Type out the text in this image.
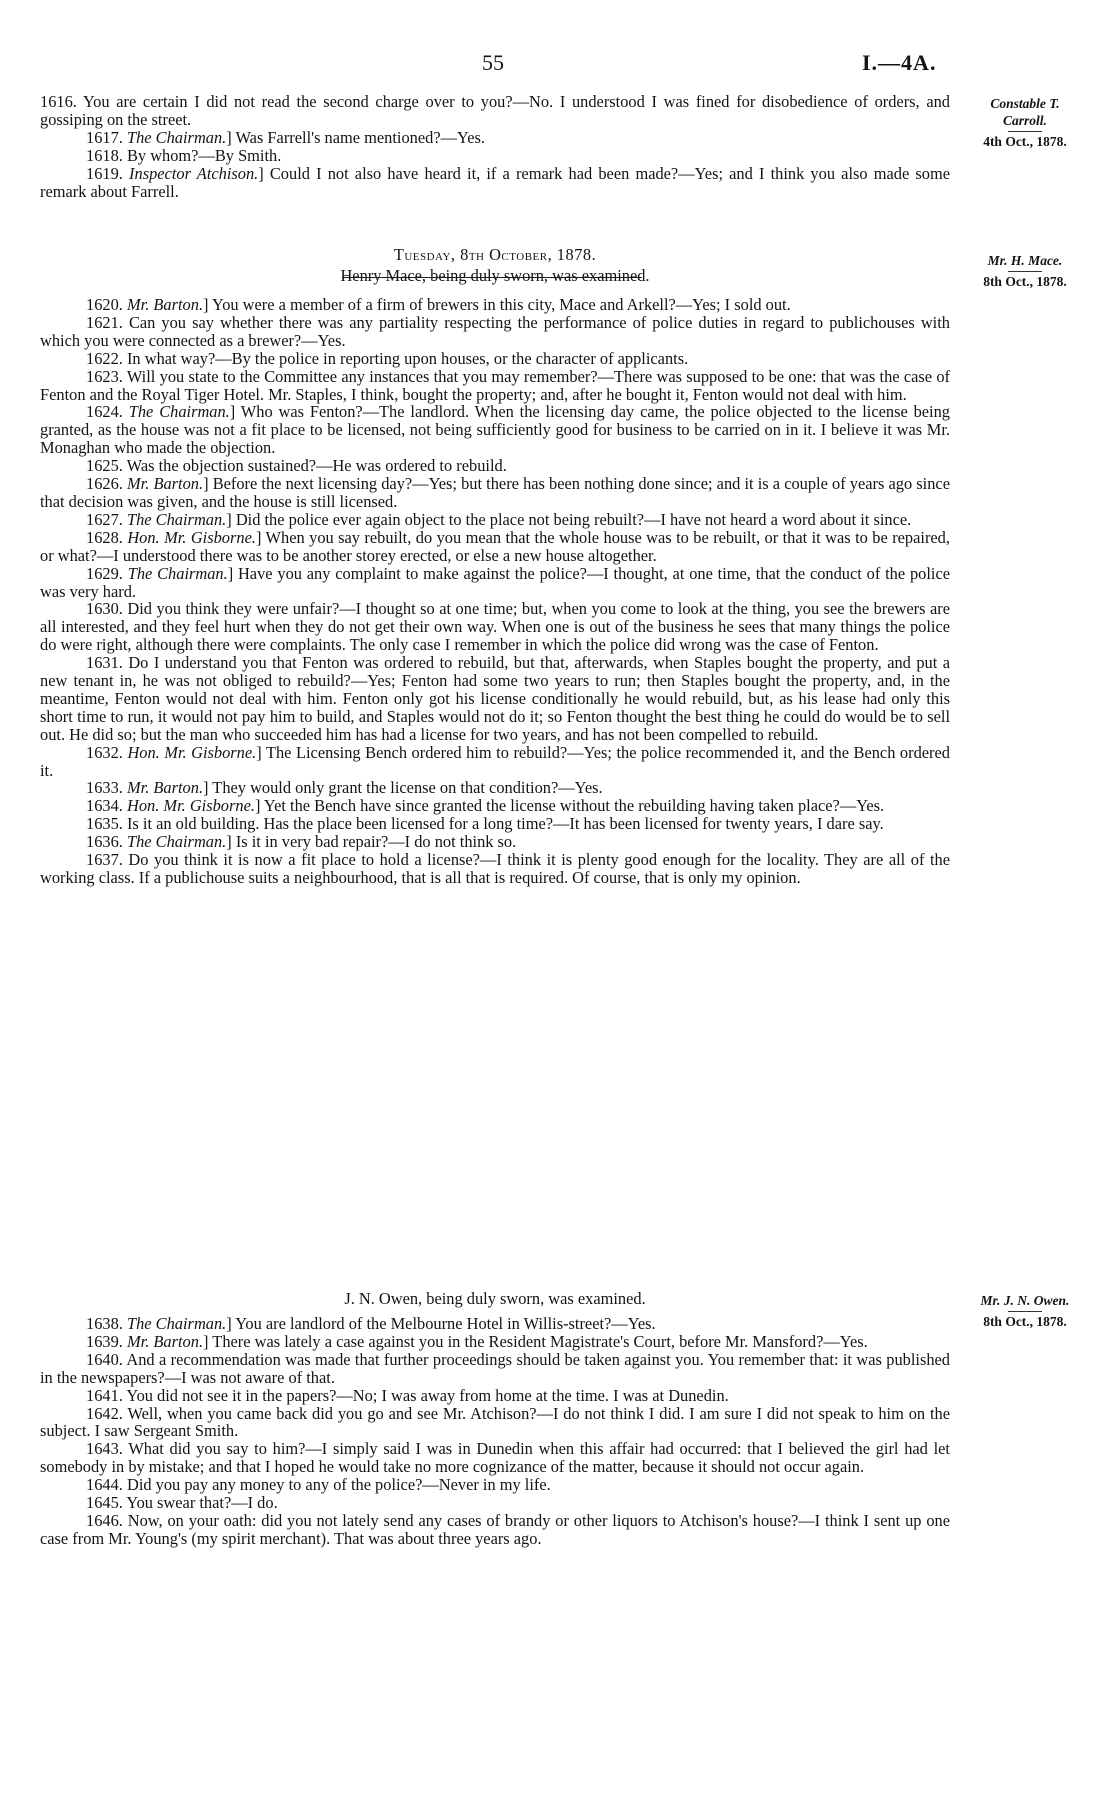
55	I.—4A.

1616. You are certain I did not read the second charge over to you?—No. I understood I was fined for disobedience of orders, and gossiping on the street.

1617. The Chairman.] Was Farrell's name mentioned?—Yes.

1618. By whom?—By Smith.

1619. Inspector Atchison.] Could I not also have heard it, if a remark had been made?—Yes; and I think you also made some remark about Farrell.

Constable T. Carroll.
4th Oct., 1878.

Tuesday, 8th October, 1878.

Henry Mace, being duly sworn, was examined.

Mr. H. Mace.
8th Oct., 1878.

1620. Mr. Barton.] You were a member of a firm of brewers in this city, Mace and Arkell?—Yes; I sold out.

1621. Can you say whether there was any partiality respecting the performance of police duties in regard to publichouses with which you were connected as a brewer?—Yes.

1622. In what way?—By the police in reporting upon houses, or the character of applicants.

1623. Will you state to the Committee any instances that you may remember?—There was supposed to be one: that was the case of Fenton and the Royal Tiger Hotel. Mr. Staples, I think, bought the property; and, after he bought it, Fenton would not deal with him.

1624. The Chairman.] Who was Fenton?—The landlord. When the licensing day came, the police objected to the license being granted, as the house was not a fit place to be licensed, not being sufficiently good for business to be carried on in it. I believe it was Mr. Monaghan who made the objection.

1625. Was the objection sustained?—He was ordered to rebuild.

1626. Mr. Barton.] Before the next licensing day?—Yes; but there has been nothing done since; and it is a couple of years ago since that decision was given, and the house is still licensed.

1627. The Chairman.] Did the police ever again object to the place not being rebuilt?—I have not heard a word about it since.

1628. Hon. Mr. Gisborne.] When you say rebuilt, do you mean that the whole house was to be rebuilt, or that it was to be repaired, or what?—I understood there was to be another storey erected, or else a new house altogether.

1629. The Chairman.] Have you any complaint to make against the police?—I thought, at one time, that the conduct of the police was very hard.

1630. Did you think they were unfair?—I thought so at one time; but, when you come to look at the thing, you see the brewers are all interested, and they feel hurt when they do not get their own way. When one is out of the business he sees that many things the police do were right, although there were complaints. The only case I remember in which the police did wrong was the case of Fenton.

1631. Do I understand you that Fenton was ordered to rebuild, but that, afterwards, when Staples bought the property, and put a new tenant in, he was not obliged to rebuild?—Yes; Fenton had some two years to run; then Staples bought the property, and, in the meantime, Fenton would not deal with him. Fenton only got his license conditionally he would rebuild, but, as his lease had only this short time to run, it would not pay him to build, and Staples would not do it; so Fenton thought the best thing he could do would be to sell out. He did so; but the man who succeeded him has had a license for two years, and has not been compelled to rebuild.

1632. Hon. Mr. Gisborne.] The Licensing Bench ordered him to rebuild?—Yes; the police recommended it, and the Bench ordered it.

1633. Mr. Barton.] They would only grant the license on that condition?—Yes.

1634. Hon. Mr. Gisborne.] Yet the Bench have since granted the license without the rebuilding having taken place?—Yes.

1635. Is it an old building. Has the place been licensed for a long time?—It has been licensed for twenty years, I dare say.

1636. The Chairman.] Is it in very bad repair?—I do not think so.

1637. Do you think it is now a fit place to hold a license?—I think it is plenty good enough for the locality. They are all of the working class. If a publichouse suits a neighbourhood, that is all that is required. Of course, that is only my opinion.

J. N. Owen, being duly sworn, was examined.	Mr. J. N. Owen.
8th Oct., 1878.

1638. The Chairman.] You are landlord of the Melbourne Hotel in Willis-street?—Yes.

1639. Mr. Barton.] There was lately a case against you in the Resident Magistrate's Court, before Mr. Mansford?—Yes.

1640. And a recommendation was made that further proceedings should be taken against you. You remember that: it was published in the newspapers?—I was not aware of that.

1641. You did not see it in the papers?—No; I was away from home at the time. I was at Dunedin.

1642. Well, when you came back did you go and see Mr. Atchison?—I do not think I did. I am sure I did not speak to him on the subject. I saw Sergeant Smith.

1643. What did you say to him?—I simply said I was in Dunedin when this affair had occurred: that I believed the girl had let somebody in by mistake; and that I hoped he would take no more cognizance of the matter, because it should not occur again.

1644. Did you pay any money to any of the police?—Never in my life.

1645. You swear that?—I do.

1646. Now, on your oath: did you not lately send any cases of brandy or other liquors to Atchison's house?—I think I sent up one case from Mr. Young's (my spirit merchant). That was about three years ago.
